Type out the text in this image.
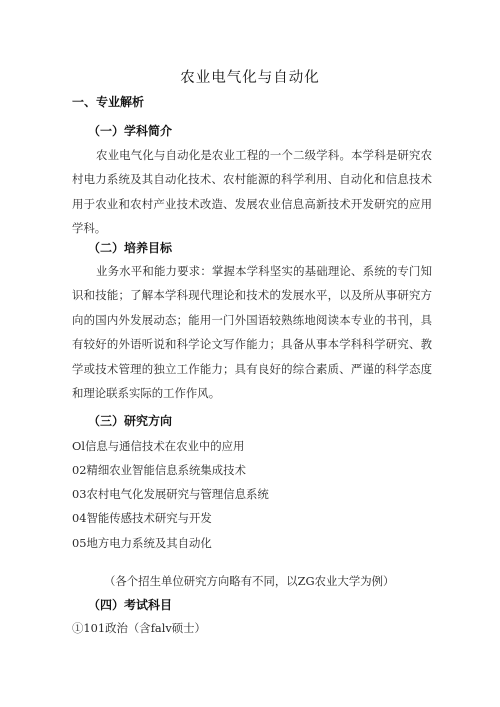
农业电气化与自动化
一、专业解析
（一）学科简介
农业电气化与自动化是农业工程的一个二级学科。本学科是研究农村电力系统及其自动化技术、农村能源的科学利用、自动化和信息技术用于农业和农村产业技术改造、发展农业信息高新技术开发研究的应用学科。
（二）培养目标
业务水平和能力要求：掌握本学科坚实的基础理论、系统的专门知识和技能；了解本学科现代理论和技术的发展水平，以及所从事研究方向的国内外发展动态；能用一门外国语较熟练地阅读本专业的书刊，具有较好的外语听说和科学论文写作能力；具备从事本学科科学研究、教学或技术管理的独立工作能力；具有良好的综合素质、严谨的科学态度和理论联系实际的工作作风。
（三）研究方向
Ol信息与通信技术在农业中的应用
02精细农业智能信息系统集成技术
03农村电气化发展研究与管理信息系统
04智能传感技术研究与开发
05地方电力系统及其自动化
（各个招生单位研究方向略有不同，以ZG农业大学为例）
（四）考试科目
①101政治（含falv硕士）
